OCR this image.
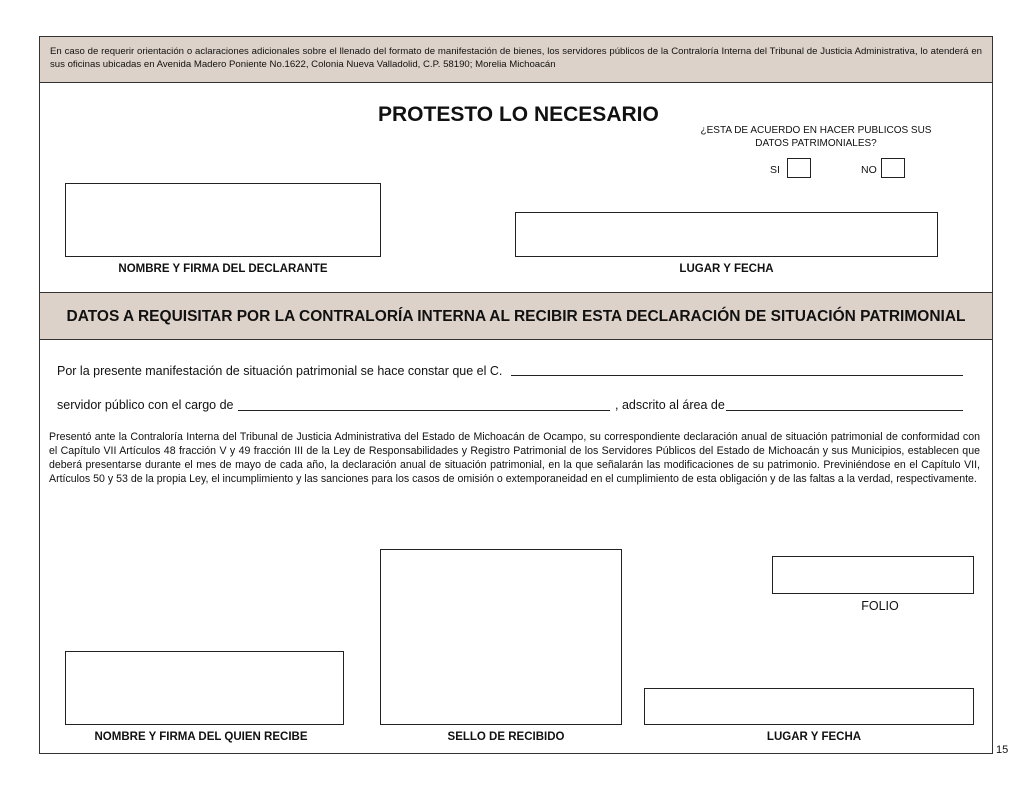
En caso de requerir orientación o aclaraciones adicionales sobre el llenado del formato de manifestación de bienes, los servidores públicos de la Contraloría Interna del Tribunal de Justicia Administrativa, lo atenderá en sus oficinas ubicadas en Avenida Madero Poniente No.1622, Colonia Nueva Valladolid, C.P. 58190; Morelia Michoacán

PROTESTO LO NECESARIO
¿ESTA DE ACUERDO EN HACER PUBLICOS SUS
DATOS PATRIMONIALES?
SI	NO
NOMBRE Y FIRMA DEL DECLARANTE	LUGAR Y FECHA
DATOS A REQUISITAR POR LA CONTRALORÍA INTERNA AL RECIBIR ESTA DECLARACIÓN DE SITUACIÓN PATRIMONIAL
Por la presente manifestación de situación patrimonial se hace constar que el C.
servidor público con el cargo de	, adscrito al área de

Presentó ante la Contraloría Interna del Tribunal de Justicia Administrativa del Estado de Michoacán de Ocampo, su correspondiente declaración anual de situación patrimonial de conformidad con el Capítulo VII Artículos 48 fracción V y 49 fracción III de la Ley de Responsabilidades y Registro Patrimonial de los Servidores Públicos del Estado de Michoacán y sus Municipios, establecen que deberá presentarse durante el mes de mayo de cada año, la declaración anual de situación patrimonial, en la que señalarán las modificaciones de su patrimonio. Previniéndose en el Capítulo VII, Artículos 50 y 53 de la propia Ley, el incumplimiento y las sanciones para los casos de omisión o extemporaneidad en el cumplimiento de esta obligación y de las faltas a la verdad, respectivamente.

FOLIO
NOMBRE Y FIRMA DEL QUIEN RECIBE	SELLO DE RECIBIDO	LUGAR Y FECHA
15
